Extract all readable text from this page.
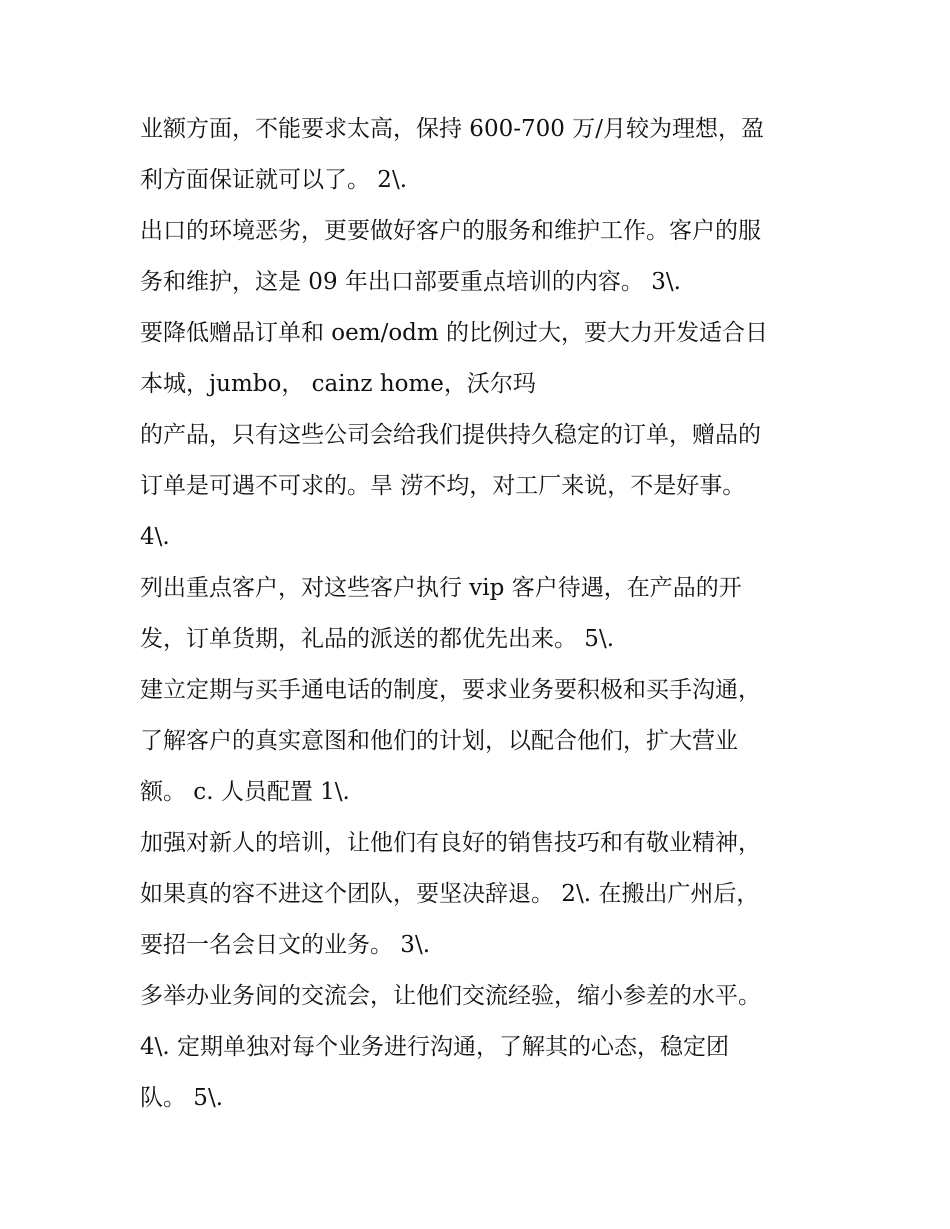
业额方面，不能要求太高，保持 600-700 万/月较为理想，盈
利方面保证就可以了。 2\.
出口的环境恶劣，更要做好客户的服务和维护工作。客户的服
务和维护，这是 09 年出口部要重点培训的内容。 3\.
要降低赠品订单和 oem/odm 的比例过大，要大力开发适合日
本城，jumbo， cainz home，沃尔玛
的产品，只有这些公司会给我们提供持久稳定的订单，赠品的
订单是可遇不可求的。旱 涝不均，对工厂来说，不是好事。
4\.
列出重点客户，对这些客户执行 vip 客户待遇，在产品的开
发，订单货期，礼品的派送的都优先出来。 5\.
建立定期与买手通电话的制度，要求业务要积极和买手沟通，
了解客户的真实意图和他们的计划，以配合他们，扩大营业
额。 c. 人员配置 1\.
加强对新人的培训，让他们有良好的销售技巧和有敬业精神，
如果真的容不进这个团队，要坚决辞退。 2\. 在搬出广州后，
要招一名会日文的业务。 3\.
多举办业务间的交流会，让他们交流经验，缩小参差的水平。
4\. 定期单独对每个业务进行沟通，了解其的心态，稳定团
队。 5\.
